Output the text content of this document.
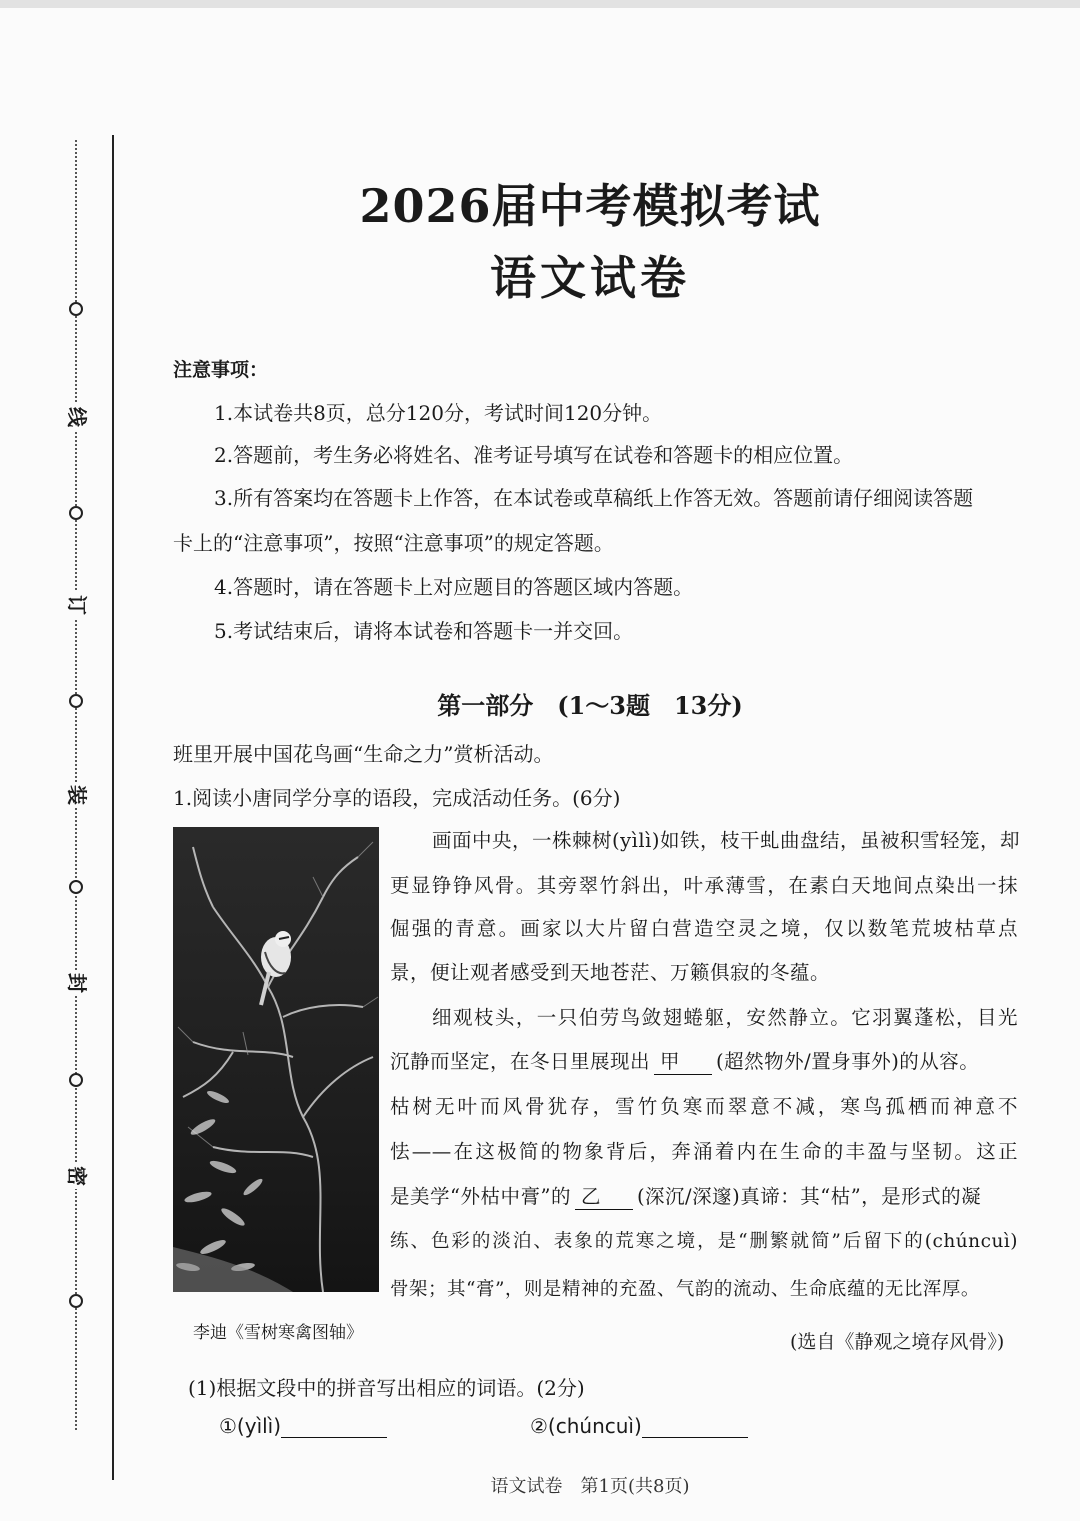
线
订
装
封
密
2026届中考模拟考试
语文试卷
注意事项：
1.本试卷共8页，总分120分，考试时间120分钟。
2.答题前，考生务必将姓名、准考证号填写在试卷和答题卡的相应位置。
3.所有答案均在答题卡上作答，在本试卷或草稿纸上作答无效。答题前请仔细阅读答题
卡上的“注意事项”，按照“注意事项”的规定答题。
4.答题时，请在答题卡上对应题目的答题区域内答题。
5.考试结束后，请将本试卷和答题卡一并交回。
第一部分　(1～3题　13分)
班里开展中国花鸟画“生命之力”赏析活动。
1.阅读小唐同学分享的语段，完成活动任务。(6分)
李迪《雪树寒禽图轴》
画面中央，一株棘树(yìlì)如铁，枝干虬曲盘结，虽被积雪轻笼，却
更显铮铮风骨。其旁翠竹斜出，叶承薄雪，在素白天地间点染出一抹
倔强的青意。画家以大片留白营造空灵之境，仅以数笔荒坡枯草点
景，便让观者感受到天地苍茫、万籁俱寂的冬蕴。
细观枝头，一只伯劳鸟敛翅蜷躯，安然静立。它羽翼蓬松，目光
沉静而坚定，在冬日里展现出 甲 (超然物外/置身事外)的从容。
枯树无叶而风骨犹存，雪竹负寒而翠意不减，寒鸟孤栖而神意不
怯——在这极简的物象背后，奔涌着内在生命的丰盈与坚韧。这正
是美学“外枯中膏”的 乙 (深沉/深邃)真谛：其“枯”，是形式的凝
练、色彩的淡泊、表象的荒寒之境，是“删繁就简”后留下的(chúncuì)
骨架；其“膏”，则是精神的充盈、气韵的流动、生命底蕴的无比浑厚。
(选自《静观之境存风骨》)
(1)根据文段中的拼音写出相应的词语。(2分)
①(yìlì)	②(chúncuì)
语文试卷　第1页(共8页)
